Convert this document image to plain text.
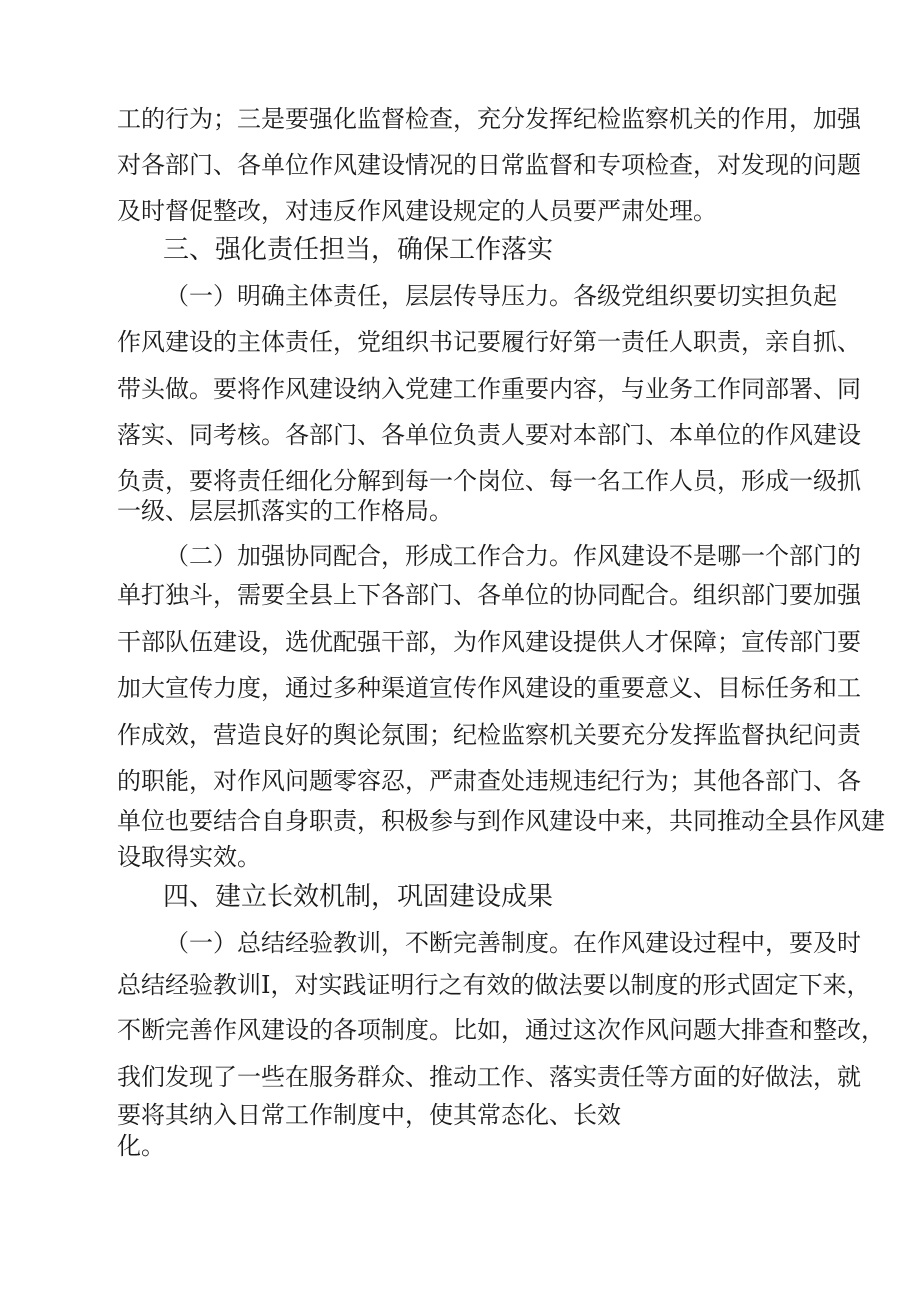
工的行为；三是要强化监督检查，充分发挥纪检监察机关的作用，加强
对各部门、各单位作风建设情况的日常监督和专项检查，对发现的问题
及时督促整改，对违反作风建设规定的人员要严肃处理。
三、强化责任担当，确保工作落实
（一）明确主体责任，层层传导压力。各级党组织要切实担负起
作风建设的主体责任，党组织书记要履行好第一责任人职责，亲自抓、
带头做。要将作风建设纳入党建工作重要内容，与业务工作同部署、同
落实、同考核。各部门、各单位负责人要对本部门、本单位的作风建设
负责，要将责任细化分解到每一个岗位、每一名工作人员，形成一级抓
一级、层层抓落实的工作格局。
（二）加强协同配合，形成工作合力。作风建设不是哪一个部门的
单打独斗，需要全县上下各部门、各单位的协同配合。组织部门要加强
干部队伍建设，选优配强干部，为作风建设提供人才保障；宣传部门要
加大宣传力度，通过多种渠道宣传作风建设的重要意义、目标任务和工
作成效，营造良好的舆论氛围；纪检监察机关要充分发挥监督执纪问责
的职能，对作风问题零容忍，严肃查处违规违纪行为；其他各部门、各
单位也要结合自身职责，积极参与到作风建设中来，共同推动全县作风建
设取得实效。
四、建立长效机制，巩固建设成果
（一）总结经验教训，不断完善制度。在作风建设过程中，要及时
总结经验教训I，对实践证明行之有效的做法要以制度的形式固定下来，
不断完善作风建设的各项制度。比如，通过这次作风问题大排查和整改，
我们发现了一些在服务群众、推动工作、落实责任等方面的好做法，就
要将其纳入日常工作制度中，使其常态化、长效
化。
